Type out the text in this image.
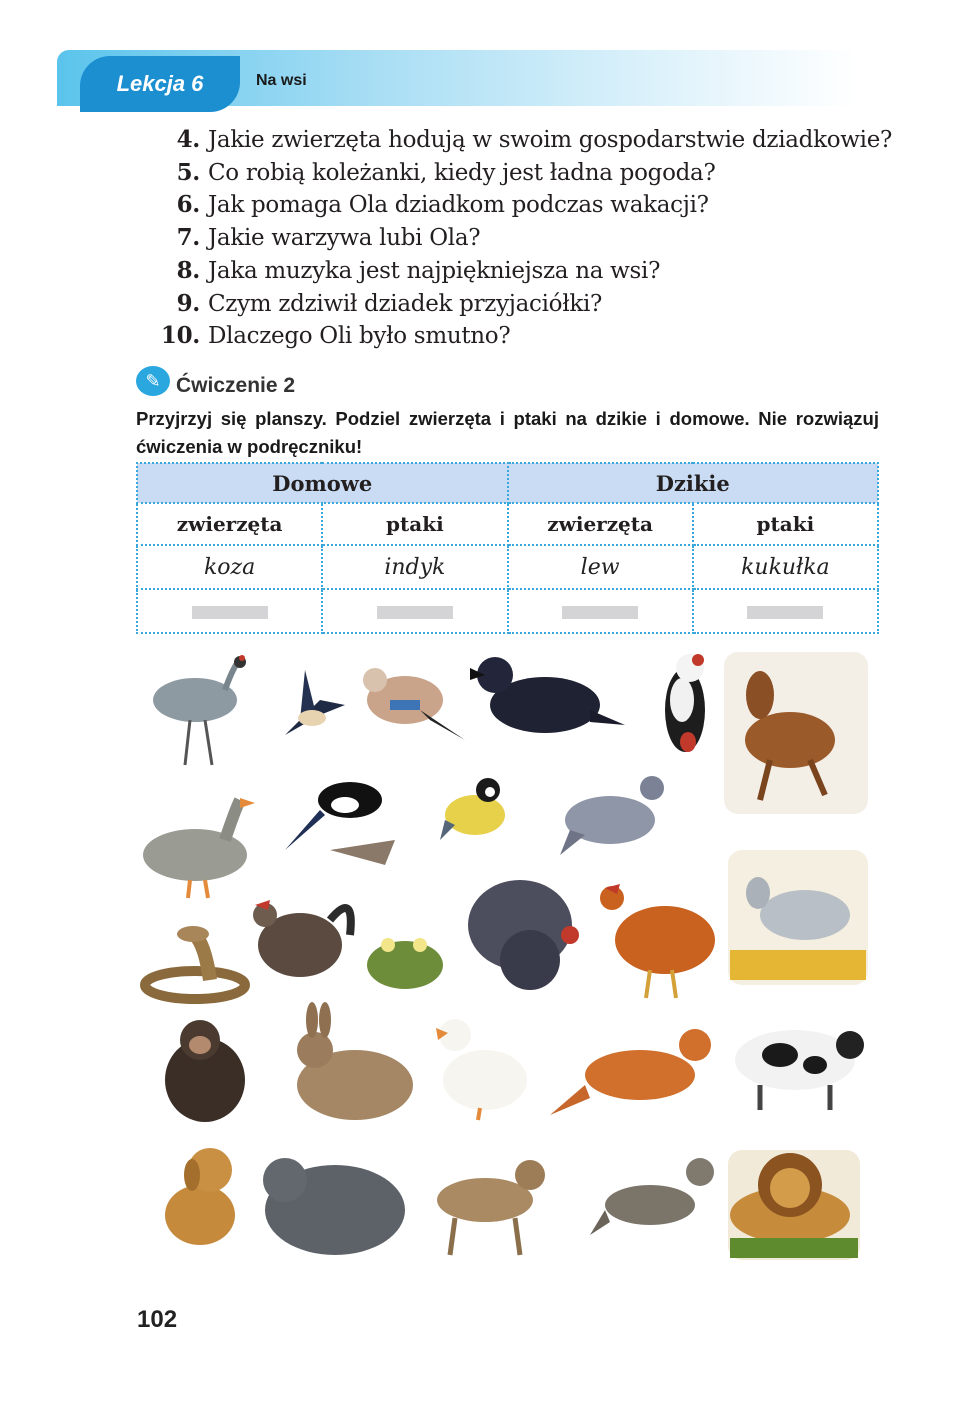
Lekcja 6	Na wsi
4. Jakie zwierzęta hodują w swoim gospodarstwie dziadkowie?
5. Co robią koleżanki, kiedy jest ładna pogoda?
6. Jak pomaga Ola dziadkom podczas wakacji?
7. Jakie warzywa lubi Ola?
8. Jaka muzyka jest najpiękniejsza na wsi?
9. Czym zdziwił dziadek przyjaciółki?
10. Dlaczego Oli było smutno?
✎ Ćwiczenie 2
Przyjrzyj się planszy. Podziel zwierzęta i ptaki na dzikie i domowe. Nie rozwiązuj ćwiczenia w podręczniku!
Domowe		Dzikie	
zwierzęta	ptaki	zwierzęta	ptaki
koza	indyk	lew	kukułka

102
